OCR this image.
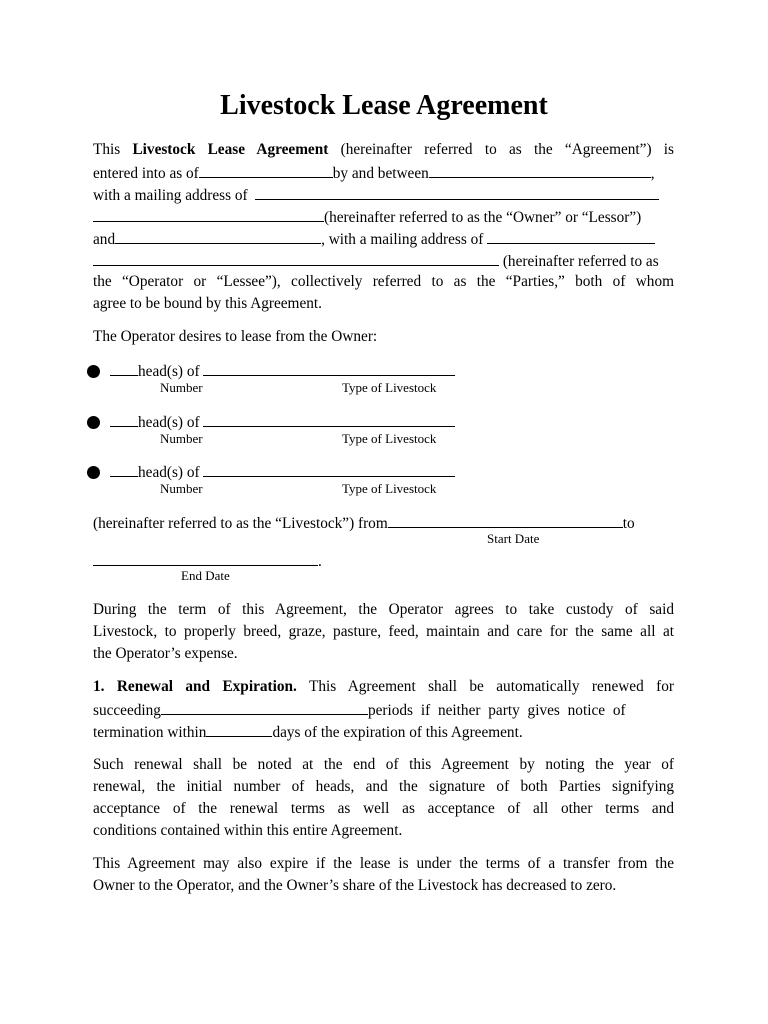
Livestock Lease Agreement
This Livestock Lease Agreement (hereinafter referred to as the “Agreement”) is
entered into as of	by and between	,
with a mailing address of
(hereinafter referred to as the “Owner” or “Lessor”)
and	, with a mailing address of
(hereinafter referred to as
the “Operator or “Lessee”), collectively referred to as the “Parties,” both of whom
agree to be bound by this Agreement.
The Operator desires to lease from the Owner:
head(s) of
Number	Type of Livestock
head(s) of
Number	Type of Livestock
head(s) of
Number	Type of Livestock
(hereinafter referred to as the “Livestock”) from	to
Start Date
.
End Date
During the term of this Agreement, the Operator agrees to take custody of said
Livestock, to properly breed, graze, pasture, feed, maintain and care for the same all at
the Operator’s expense.
1. Renewal and Expiration. This Agreement shall be automatically renewed for
succeeding	periods if neither party gives notice of
termination within	days of the expiration of this Agreement.
Such renewal shall be noted at the end of this Agreement by noting the year of
renewal, the initial number of heads, and the signature of both Parties signifying
acceptance of the renewal terms as well as acceptance of all other terms and
conditions contained within this entire Agreement.
This Agreement may also expire if the lease is under the terms of a transfer from the
Owner to the Operator, and the Owner’s share of the Livestock has decreased to zero.
